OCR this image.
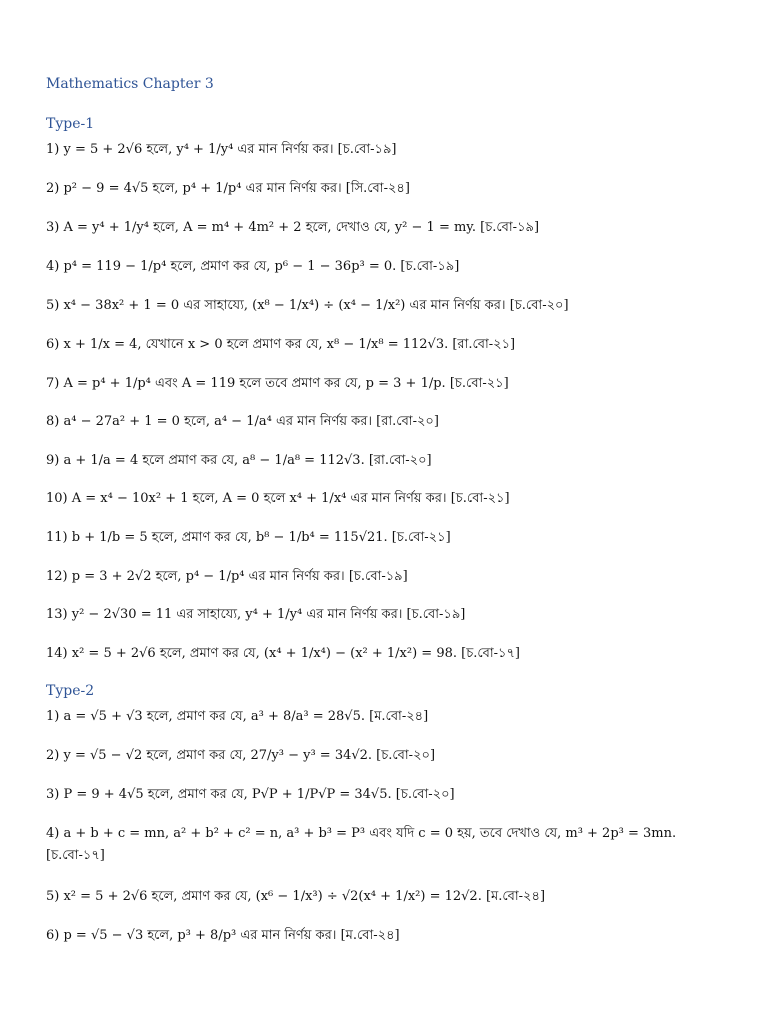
Mathematics Chapter 3
Type-1

1) y = 5 + 2√6 হলে, y⁴ + 1/y⁴ এর মান নির্ণয় কর। [চ.বো-১৯]

2) p² − 9 = 4√5 হলে, p⁴ + 1/p⁴ এর মান নির্ণয় কর। [সি.বো-২৪]

3) A = y⁴ + 1/y⁴ হলে, A = m⁴ + 4m² + 2 হলে, দেখাও যে, y² − 1 = my. [চ.বো-১৯]

4) p⁴ = 119 − 1/p⁴ হলে, প্রমাণ কর যে, p⁶ − 1 − 36p³ = 0. [চ.বো-১৯]

5) x⁴ − 38x² + 1 = 0 এর সাহায্যে, (x⁸ − 1/x⁴) ÷ (x⁴ − 1/x²) এর মান নির্ণয় কর। [চ.বো-২০]

6) x + 1/x = 4, যেখানে x > 0 হলে প্রমাণ কর যে, x⁸ − 1/x⁸ = 112√3. [রা.বো-২১]

7) A = p⁴ + 1/p⁴ এবং A = 119 হলে তবে প্রমাণ কর যে, p = 3 + 1/p. [চ.বো-২১]

8) a⁴ − 27a² + 1 = 0 হলে, a⁴ − 1/a⁴ এর মান নির্ণয় কর। [রা.বো-২০]

9) a + 1/a = 4 হলে প্রমাণ কর যে, a⁸ − 1/a⁸ = 112√3. [রা.বো-২০]

10) A = x⁴ − 10x² + 1 হলে, A = 0 হলে x⁴ + 1/x⁴ এর মান নির্ণয় কর। [চ.বো-২১]

11) b + 1/b = 5 হলে, প্রমাণ কর যে, b⁸ − 1/b⁴ = 115√21. [চ.বো-২১]

12) p = 3 + 2√2 হলে, p⁴ − 1/p⁴ এর মান নির্ণয় কর। [চ.বো-১৯]

13) y² − 2√30 = 11 এর সাহায্যে, y⁴ + 1/y⁴ এর মান নির্ণয় কর। [চ.বো-১৯]

14) x² = 5 + 2√6 হলে, প্রমাণ কর যে, (x⁴ + 1/x⁴) − (x² + 1/x²) = 98. [চ.বো-১৭]

Type-2

1) a = √5 + √3 হলে, প্রমাণ কর যে, a³ + 8/a³ = 28√5. [ম.বো-২৪]

2) y = √5 − √2 হলে, প্রমাণ কর যে, 27/y³ − y³ = 34√2. [চ.বো-২০]

3) P = 9 + 4√5 হলে, প্রমাণ কর যে, P√P + 1/P√P = 34√5. [চ.বো-২০]

4) a + b + c = mn, a² + b² + c² = n, a³ + b³ = P³ এবং যদি c = 0 হয়, তবে দেখাও যে, m³ + 2p³ = 3mn. [চ.বো-১৭]

5) x² = 5 + 2√6 হলে, প্রমাণ কর যে, (x⁶ − 1/x³) ÷ √2(x⁴ + 1/x²) = 12√2. [ম.বো-২৪]

6) p = √5 − √3 হলে, p³ + 8/p³ এর মান নির্ণয় কর। [ম.বো-২৪]
